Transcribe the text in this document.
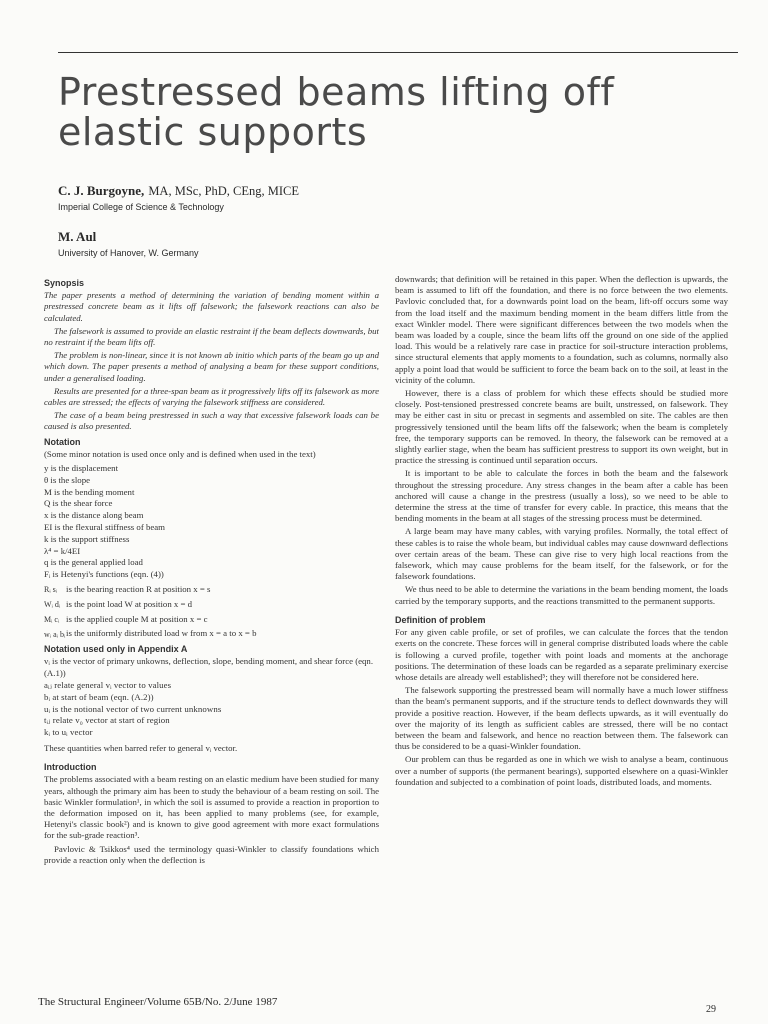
Prestressed beams lifting off elastic supports
C. J. Burgoyne, MA, MSc, PhD, CEng, MICE
Imperial College of Science & Technology
M. Aul
University of Hanover, W. Germany
Synopsis

The paper presents a method of determining the variation of bending moment within a prestressed concrete beam as it lifts off falsework; the falsework reactions can also be calculated.

The falsework is assumed to provide an elastic restraint if the beam deflects downwards, but no restraint if the beam lifts off.

The problem is non-linear, since it is not known ab initio which parts of the beam go up and which down. The paper presents a method of analysing a beam for these support conditions, under a generalised loading.

Results are presented for a three-span beam as it progressively lifts off its falsework as more cables are stressed; the effects of varying the falsework stiffness are considered.

The case of a beam being prestressed in such a way that excessive falsework loads can be caused is also presented.

Notation

(Some minor notation is used once only and is defined when used in the text)

y is the displacement
θ is the slope
M is the bending moment
Q is the shear force
x is the distance along beam
EI is the flexural stiffness of beam
k is the support stiffness
λ⁴ = k/4EI
q is the general applied load
Fᵢ is Hetenyi's functions (eqn. (4))
Rᵢ sᵢ	is the bearing reaction R at position x = s
Wᵢ dᵢ is the point load W at position x = d
Mᵢ cᵢ is the applied couple M at position x = c
wᵢ aᵢ bᵢ is the uniformly distributed load w from x = a to x = b
Notation used only in Appendix A
vᵢ is the vector of primary unkowns, deflection, slope, bending moment, and shear force (eqn. (A.1))
aᵢⱼ relate general vᵢ vector to values
bᵢ at start of beam (eqn. (A.2))
uᵢ is the notional vector of two current unknowns
tᵢⱼ relate v₀ vector at start of region
kᵢ to uᵢ vector

These quantities when barred refer to general vᵢ vector.

Introduction

The problems associated with a beam resting on an elastic medium have been studied for many years, although the primary aim has been to study the behaviour of a beam resting on soil. The basic Winkler formulation¹, in which the soil is assumed to provide a reaction in proportion to the deformation imposed on it, has been applied to many problems (see, for example, Hetenyi's classic book²) and is known to give good agreement with more exact formulations for the sub-grade reaction³.

Pavlovic & Tsikkos⁴ used the terminology quasi-Winkler to classify foundations which provide a reaction only when the deflection is

downwards; that definition will be retained in this paper. When the deflection is upwards, the beam is assumed to lift off the foundation, and there is no force between the two elements. Pavlovic concluded that, for a downwards point load on the beam, lift-off occurs some way from the load itself and the maximum bending moment in the beam differs little from the exact Winkler model. There were significant differences between the two models when the beam was loaded by a couple, since the beam lifts off the ground on one side of the applied load. This would be a relatively rare case in practice for soil-structure interaction problems, since structural elements that apply moments to a foundation, such as columns, normally also apply a point load that would be sufficient to force the beam back on to the soil, at least in the vicinity of the column.

However, there is a class of problem for which these effects should be studied more closely. Post-tensioned prestressed concrete beams are built, unstressed, on falsework. They may be either cast in situ or precast in segments and assembled on site. The cables are then progressively tensioned until the beam lifts off the falsework; when the beam is completely free, the temporary supports can be removed. In theory, the falsework can be removed at a slightly earlier stage, when the beam has sufficient prestress to support its own weight, but in practice the stressing is continued until separation occurs.

It is important to be able to calculate the forces in both the beam and the falsework throughout the stressing procedure. Any stress changes in the beam after a cable has been anchored will cause a change in the prestress (usually a loss), so we need to be able to determine the stress at the time of transfer for every cable. In practice, this means that the bending moments in the beam at all stages of the stressing process must be determined.

A large beam may have many cables, with varying profiles. Normally, the total effect of these cables is to raise the whole beam, but individual cables may cause downward deflections over certain areas of the beam. These can give rise to very high local reactions from the falsework, which may cause problems for the beam itself, for the falsework, or for the falsework foundations.

We thus need to be able to determine the variations in the beam bending moment, the loads carried by the temporary supports, and the reactions transmitted to the permanent supports.

Definition of problem

For any given cable profile, or set of profiles, we can calculate the forces that the tendon exerts on the concrete. These forces will in general comprise distributed loads where the cable is following a curved profile, together with point loads and moments at the anchorage positions. The determination of these loads can be regarded as a separate preliminary exercise whose details are already well established⁵; they will therefore not be considered here.

The falsework supporting the prestressed beam will normally have a much lower stiffness than the beam's permanent supports, and if the structure tends to deflect downwards they will provide a positive reaction. However, if the beam deflects upwards, as it will eventually do over the majority of its length as sufficient cables are stressed, there will be no contact between the beam and falsework, and hence no reaction between them. The falsework can thus be considered to be a quasi-Winkler foundation.

Our problem can thus be regarded as one in which we wish to analyse a beam, continuous over a number of supports (the permanent bearings), supported elsewhere on a quasi-Winkler foundation and subjected to a combination of point loads, distributed loads, and moments.

The Structural Engineer/Volume 65B/No. 2/June 1987
29
